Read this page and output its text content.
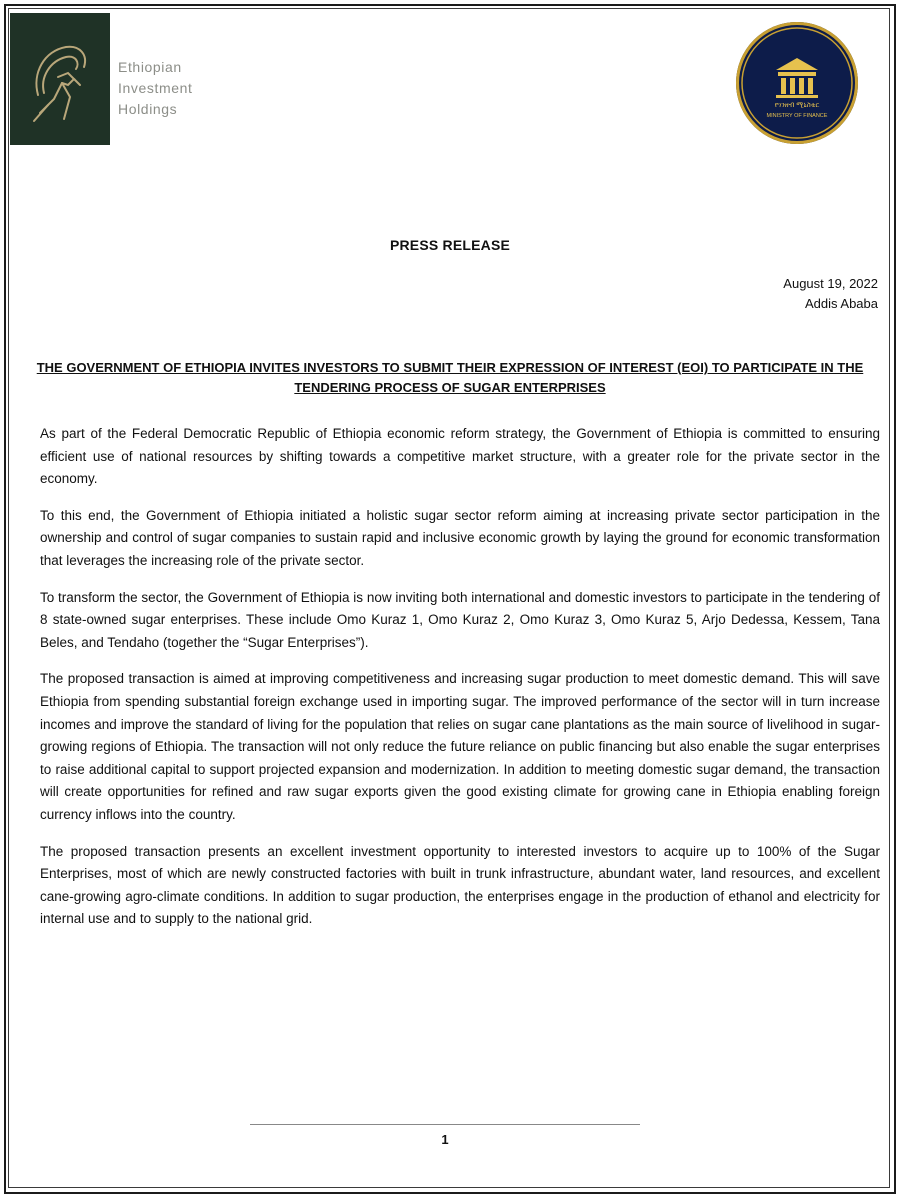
Ethiopian
Investment
Holdings	የገንዘብ ሚኒስቴር
MINISTRY OF FINANCE
PRESS RELEASE
August 19, 2022
Addis Ababa
THE GOVERNMENT OF ETHIOPIA INVITES INVESTORS TO SUBMIT THEIR EXPRESSION OF INTEREST (EOI) TO PARTICIPATE IN THE TENDERING PROCESS OF SUGAR ENTERPRISES

As part of the Federal Democratic Republic of Ethiopia economic reform strategy, the Government of Ethiopia is committed to ensuring efficient use of national resources by shifting towards a competitive market structure, with a greater role for the private sector in the economy.

To this end, the Government of Ethiopia initiated a holistic sugar sector reform aiming at increasing private sector participation in the ownership and control of sugar companies to sustain rapid and inclusive economic growth by laying the ground for economic transformation that leverages the increasing role of the private sector.

To transform the sector, the Government of Ethiopia is now inviting both international and domestic investors to participate in the tendering of 8 state-owned sugar enterprises. These include Omo Kuraz 1, Omo Kuraz 2, Omo Kuraz 3, Omo Kuraz 5, Arjo Dedessa, Kessem, Tana Beles, and Tendaho (together the “Sugar Enterprises”).

The proposed transaction is aimed at improving competitiveness and increasing sugar production to meet domestic demand. This will save Ethiopia from spending substantial foreign exchange used in importing sugar. The improved performance of the sector will in turn increase incomes and improve the standard of living for the population that relies on sugar cane plantations as the main source of livelihood in sugar-growing regions of Ethiopia. The transaction will not only reduce the future reliance on public financing but also enable the sugar enterprises to raise additional capital to support projected expansion and modernization. In addition to meeting domestic sugar demand, the transaction will create opportunities for refined and raw sugar exports given the good existing climate for growing cane in Ethiopia enabling foreign currency inflows into the country.

The proposed transaction presents an excellent investment opportunity to interested investors to acquire up to 100% of the Sugar Enterprises, most of which are newly constructed factories with built in trunk infrastructure, abundant water, land resources, and excellent cane-growing agro-climate conditions. In addition to sugar production, the enterprises engage in the production of ethanol and electricity for internal use and to supply to the national grid.

1
